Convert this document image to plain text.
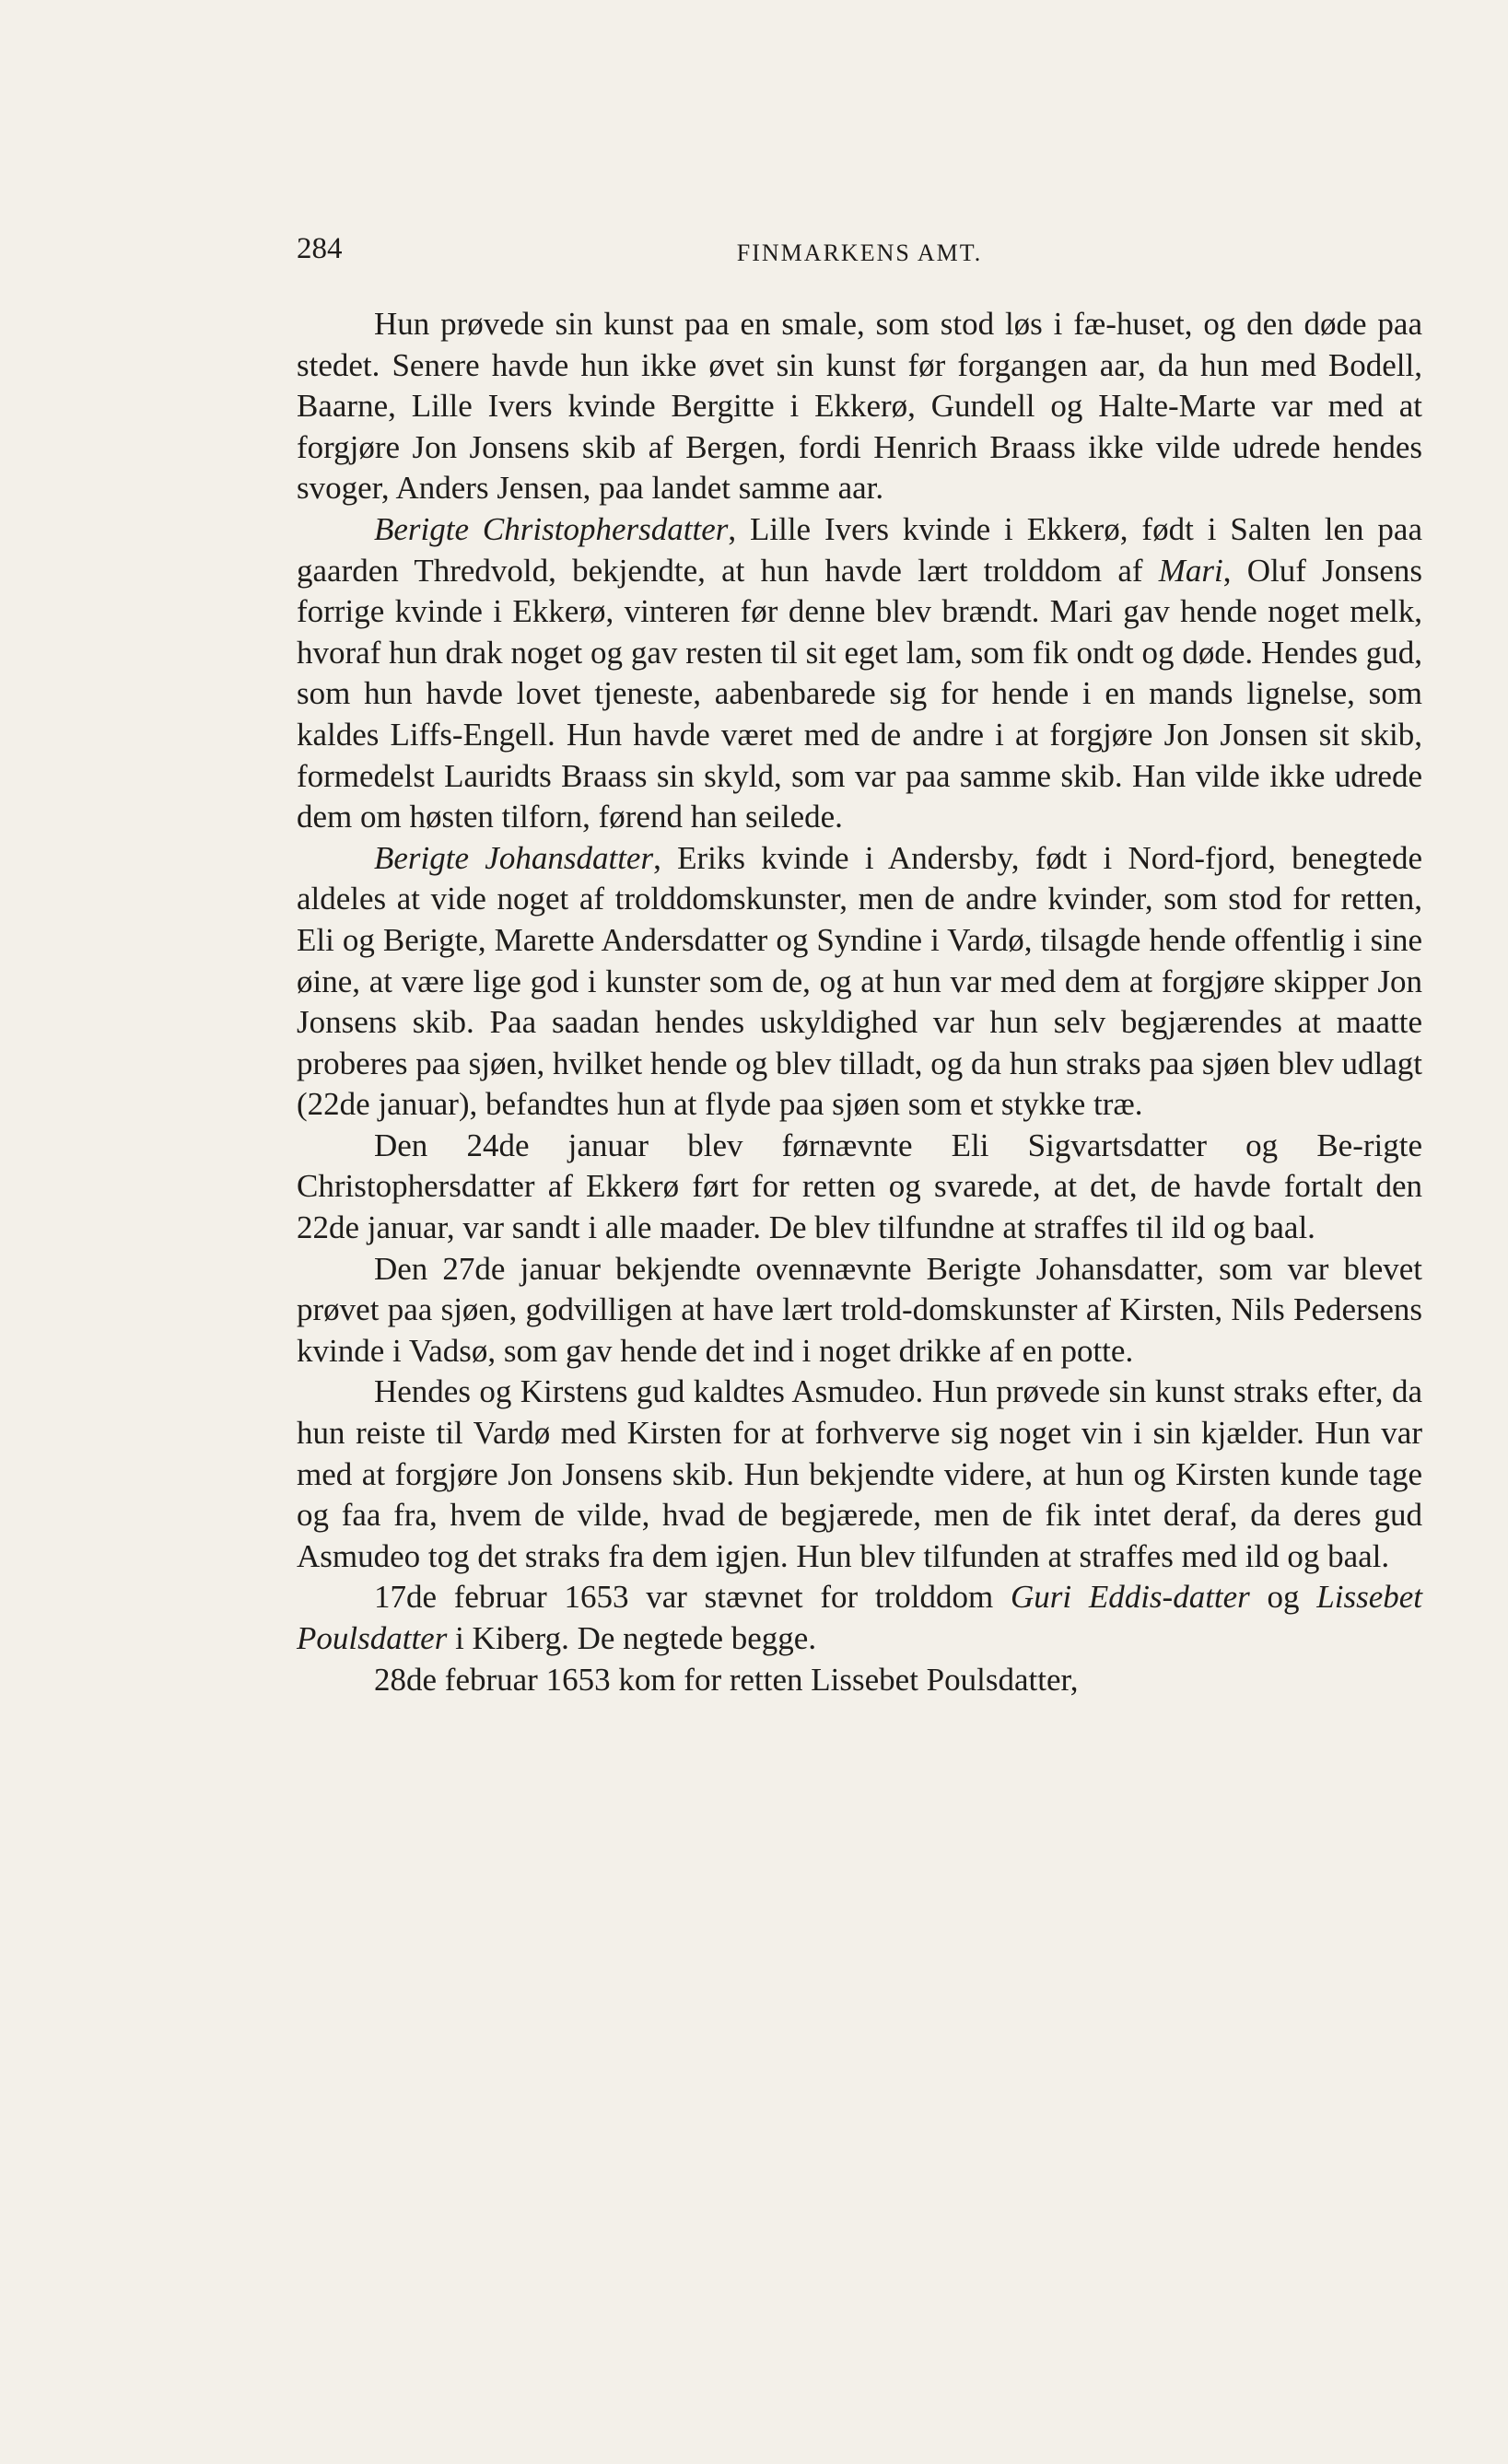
284	FINMARKENS AMT.

Hun prøvede sin kunst paa en smale, som stod løs i fæ-huset, og den døde paa stedet. Senere havde hun ikke øvet sin kunst før forgangen aar, da hun med Bodell, Baarne, Lille Ivers kvinde Bergitte i Ekkerø, Gundell og Halte-Marte var med at forgjøre Jon Jonsens skib af Bergen, fordi Henrich Braass ikke vilde udrede hendes svoger, Anders Jensen, paa landet samme aar.

Berigte Christophersdatter, Lille Ivers kvinde i Ekkerø, født i Salten len paa gaarden Thredvold, bekjendte, at hun havde lært trolddom af Mari, Oluf Jonsens forrige kvinde i Ekkerø, vinteren før denne blev brændt. Mari gav hende noget melk, hvoraf hun drak noget og gav resten til sit eget lam, som fik ondt og døde. Hendes gud, som hun havde lovet tjeneste, aabenbarede sig for hende i en mands lignelse, som kaldes Liffs-Engell. Hun havde været med de andre i at forgjøre Jon Jonsen sit skib, formedelst Lauridts Braass sin skyld, som var paa samme skib. Han vilde ikke udrede dem om høsten tilforn, førend han seilede.

Berigte Johansdatter, Eriks kvinde i Andersby, født i Nord-fjord, benegtede aldeles at vide noget af trolddomskunster, men de andre kvinder, som stod for retten, Eli og Berigte, Marette Andersdatter og Syndine i Vardø, tilsagde hende offentlig i sine øine, at være lige god i kunster som de, og at hun var med dem at forgjøre skipper Jon Jonsens skib. Paa saadan hendes uskyldighed var hun selv begjærendes at maatte proberes paa sjøen, hvilket hende og blev tilladt, og da hun straks paa sjøen blev udlagt (22de januar), befandtes hun at flyde paa sjøen som et stykke træ.

Den 24de januar blev førnævnte Eli Sigvartsdatter og Be-rigte Christophersdatter af Ekkerø ført for retten og svarede, at det, de havde fortalt den 22de januar, var sandt i alle maader. De blev tilfundne at straffes til ild og baal.

Den 27de januar bekjendte ovennævnte Berigte Johansdatter, som var blevet prøvet paa sjøen, godvilligen at have lært trold-domskunster af Kirsten, Nils Pedersens kvinde i Vadsø, som gav hende det ind i noget drikke af en potte.

Hendes og Kirstens gud kaldtes Asmudeo. Hun prøvede sin kunst straks efter, da hun reiste til Vardø med Kirsten for at forhverve sig noget vin i sin kjælder. Hun var med at forgjøre Jon Jonsens skib. Hun bekjendte videre, at hun og Kirsten kunde tage og faa fra, hvem de vilde, hvad de begjærede, men de fik intet deraf, da deres gud Asmudeo tog det straks fra dem igjen. Hun blev tilfunden at straffes med ild og baal.

17de februar 1653 var stævnet for trolddom Guri Eddis-datter og Lissebet Poulsdatter i Kiberg. De negtede begge.

28de februar 1653 kom for retten Lissebet Poulsdatter,
